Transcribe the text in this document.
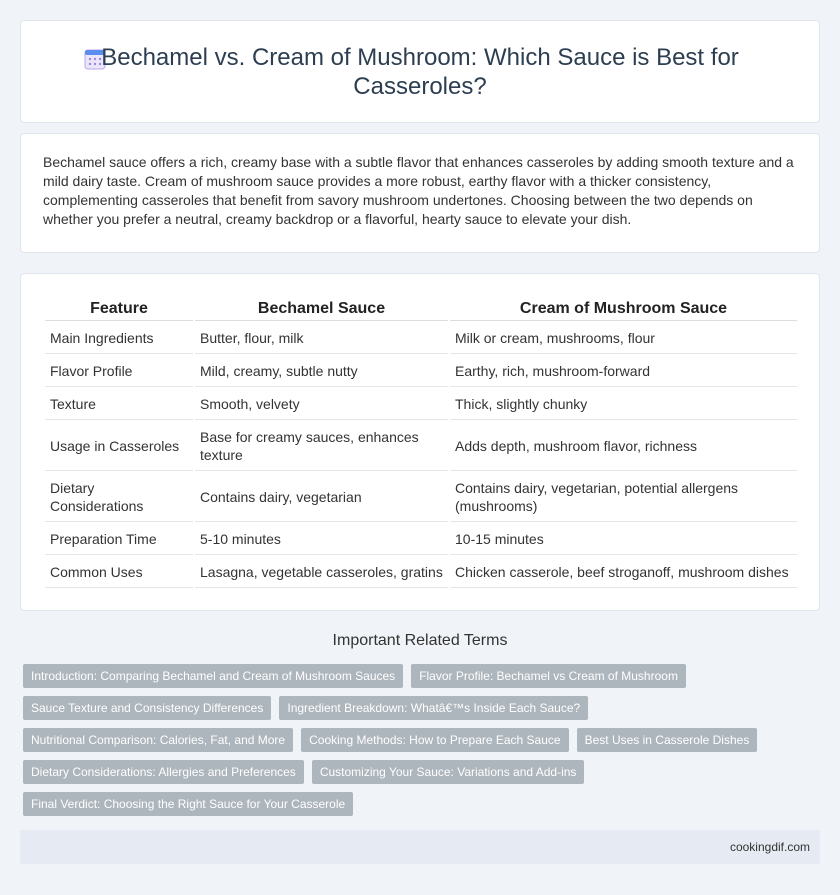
Bechamel vs. Cream of Mushroom: Which Sauce is Best for Casseroles?

Bechamel sauce offers a rich, creamy base with a subtle flavor that enhances casseroles by adding smooth texture and a mild dairy taste. Cream of mushroom sauce provides a more robust, earthy flavor with a thicker consistency, complementing casseroles that benefit from savory mushroom undertones. Choosing between the two depends on whether you prefer a neutral, creamy backdrop or a flavorful, hearty sauce to elevate your dish.

Feature	Bechamel Sauce	Cream of Mushroom Sauce
Main Ingredients	Butter, flour, milk	Milk or cream, mushrooms, flour
Flavor Profile	Mild, creamy, subtle nutty	Earthy, rich, mushroom-forward
Texture	Smooth, velvety	Thick, slightly chunky
Usage in Casseroles	Base for creamy sauces, enhances texture	Adds depth, mushroom flavor, richness
Dietary Considerations	Contains dairy, vegetarian	Contains dairy, vegetarian, potential allergens (mushrooms)
Preparation Time	5-10 minutes	10-15 minutes
Common Uses	Lasagna, vegetable casseroles, gratins	Chicken casserole, beef stroganoff, mushroom dishes
Important Related Terms
Introduction: Comparing Bechamel and Cream of Mushroom Sauces	Flavor Profile: Bechamel vs Cream of Mushroom
Sauce Texture and Consistency Differences	Ingredient Breakdown: Whatâ€™s Inside Each Sauce?
Nutritional Comparison: Calories, Fat, and More	Cooking Methods: How to Prepare Each Sauce	Best Uses in Casserole Dishes
Dietary Considerations: Allergies and Preferences	Customizing Your Sauce: Variations and Add-ins
Final Verdict: Choosing the Right Sauce for Your Casserole
cookingdif.com
